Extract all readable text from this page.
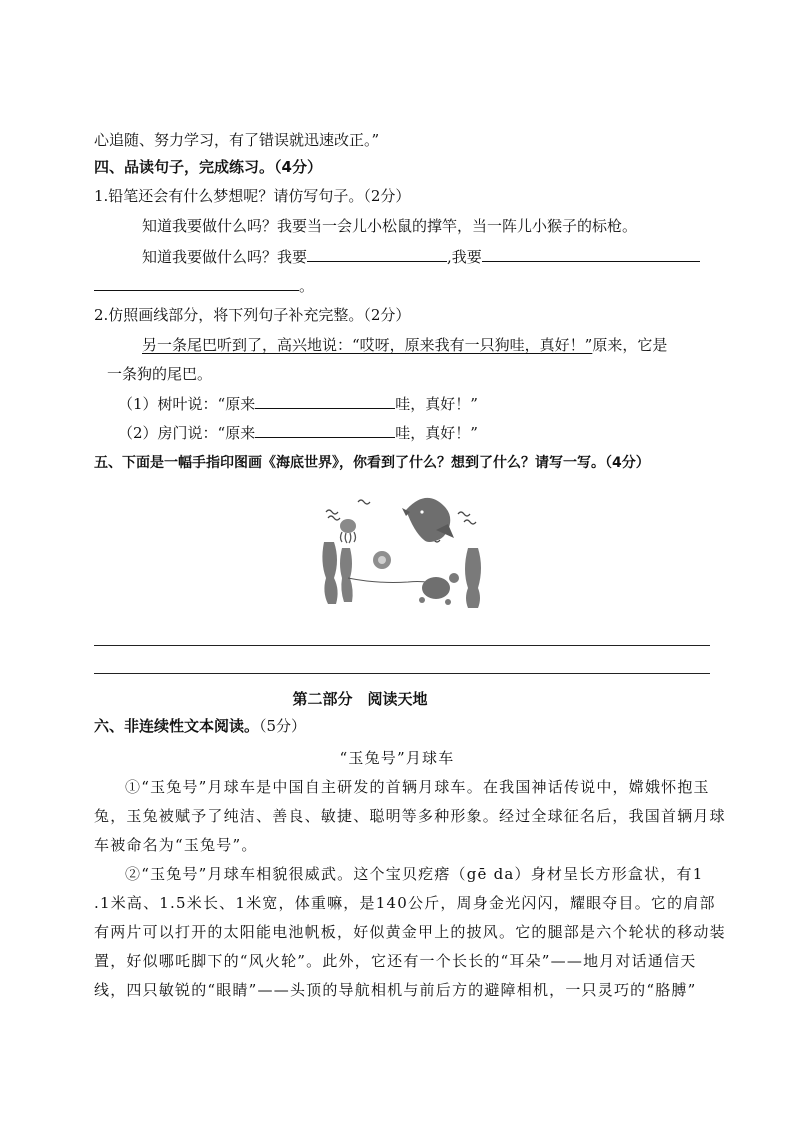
心追随、努力学习，有了错误就迅速改正。”
四、品读句子，完成练习。（4分）
1.铅笔还会有什么梦想呢？请仿写句子。（2分）
知道我要做什么吗？我要当一会儿小松鼠的撑竿，当一阵儿小猴子的标枪。
知道我要做什么吗？我要	,我要
。
2.仿照画线部分，将下列句子补充完整。（2分）
另一条尾巴听到了，高兴地说：“哎呀，原来我有一只狗哇，真好！”原来，它是
一条狗的尾巴。
（1）树叶说：“原来	哇，真好！”
（2）房门说：“原来	哇，真好！”
五、下面是一幅手指印图画《海底世界》，你看到了什么？想到了什么？请写一写。（4分）
第二部分　阅读天地
六、非连续性文本阅读。（5分）
“玉兔号”月球车
①“玉兔号”月球车是中国自主研发的首辆月球车。在我国神话传说中，嫦娥怀抱玉
兔，玉兔被赋予了纯洁、善良、敏捷、聪明等多种形象。经过全球征名后，我国首辆月球
车被命名为“玉兔号”。
②“玉兔号”月球车相貌很威武。这个宝贝疙瘩（gē da）身材呈长方形盒状，有1
.1米高、1.5米长、1米宽，体重嘛，是140公斤，周身金光闪闪，耀眼夺目。它的肩部
有两片可以打开的太阳能电池帆板，好似黄金甲上的披风。它的腿部是六个轮状的移动装
置，好似哪吒脚下的“风火轮”。此外，它还有一个长长的“耳朵”——地月对话通信天
线，四只敏锐的“眼睛”——头顶的导航相机与前后方的避障相机，一只灵巧的“胳膊”
